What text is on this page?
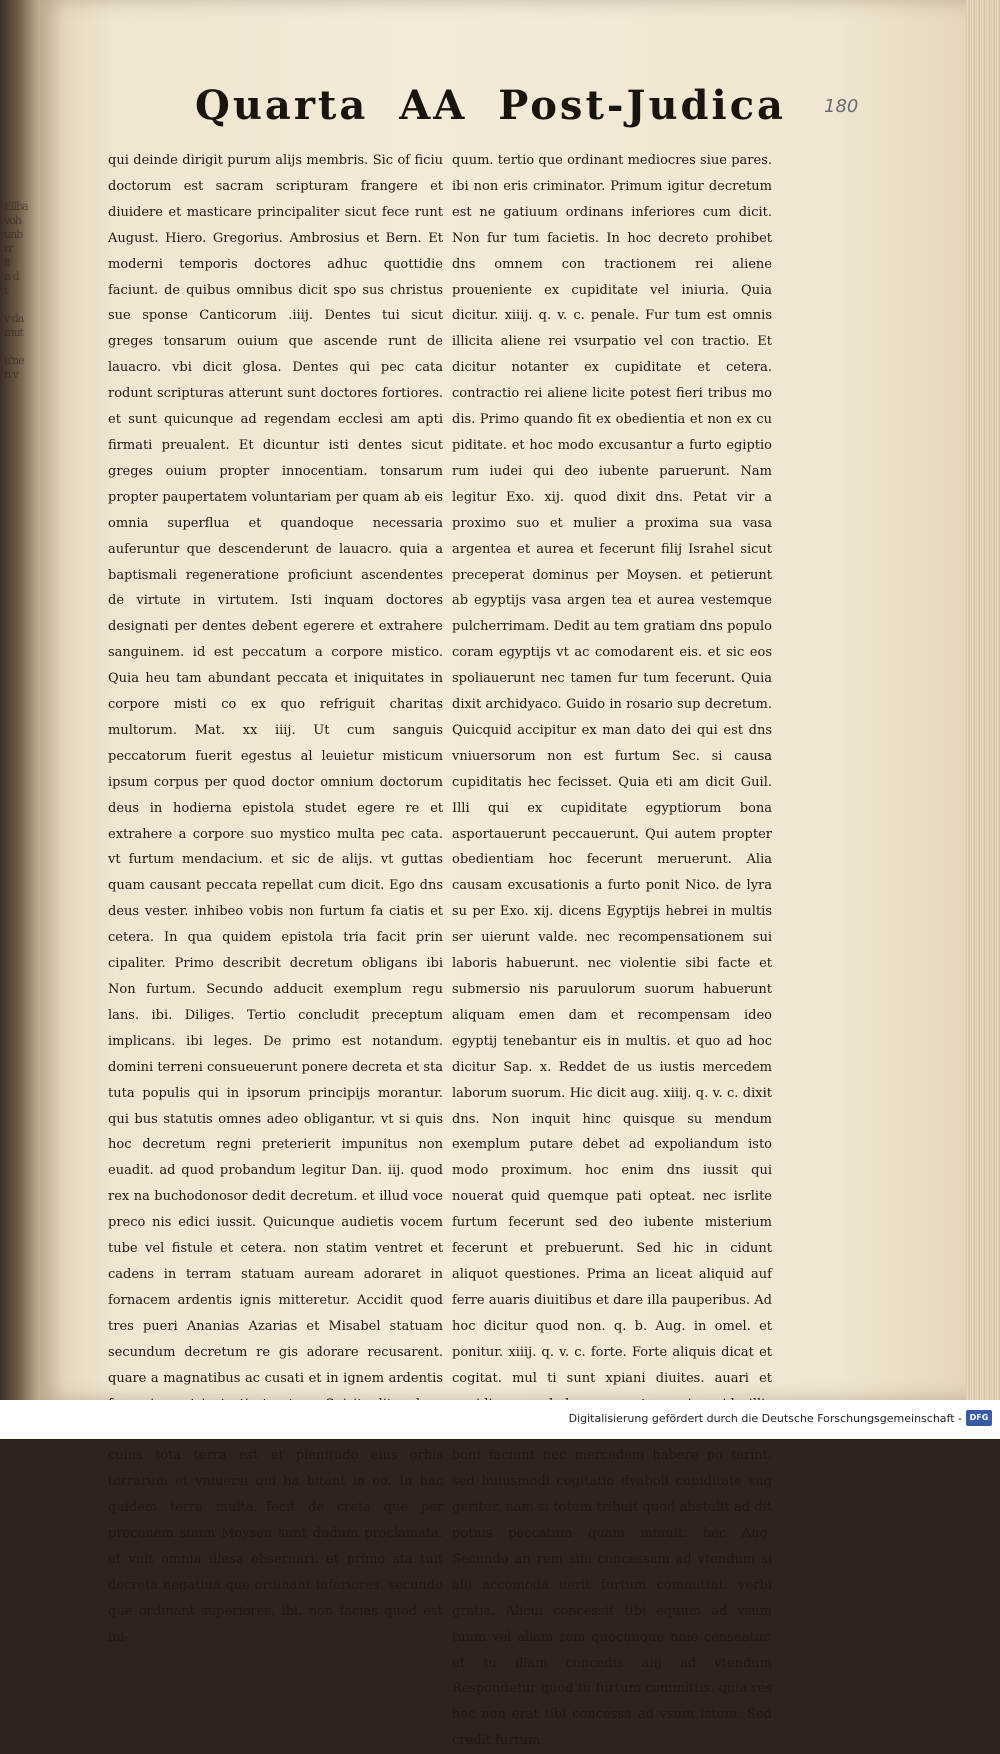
Eilba
voh
unb
rr
lt
n d
i.

v da
mut

u'ne
n v
Quarta AA Post-Judica 180

qui deinde dirigit purum alijs membris. Sic of ficiu doctorum est sacram scripturam frangere et diuidere et masticare principaliter sicut fece runt August. Hiero. Gregorius. Ambrosius et Bern. Et moderni temporis doctores adhuc quottidie faciunt. de quibus omnibus dicit spo sus christus sue sponse Canticorum .iiij. Dentes tui sicut greges tonsarum ouium que ascende runt de lauacro. vbi dicit glosa. Dentes qui pec cata rodunt scripturas atterunt sunt doctores fortiores. et sunt quicunque ad regendam ecclesi am apti firmati preualent. Et dicuntur isti dentes sicut greges ouium propter innocentiam. tonsarum propter paupertatem voluntariam per quam ab eis omnia superflua et quandoque necessaria auferuntur que descenderunt de lauacro. quia a baptismali regeneratione proficiunt ascendentes de virtute in virtutem. Isti inquam doctores designati per dentes debent egerere et extrahere sanguinem. id est peccatum a corpore mistico. Quia heu tam abundant peccata et iniquitates in corpore misti co ex quo refriguit charitas multorum. Mat. xx iiij. Ut cum sanguis peccatorum fuerit egestus al leuietur misticum ipsum corpus per quod doctor omnium doctorum deus in hodierna epistola studet egere re et extrahere a corpore suo mystico multa pec cata. vt furtum mendacium. et sic de alijs. vt guttas quam causant peccata repellat cum dicit. Ego dns deus vester. inhibeo vobis non furtum fa ciatis et cetera. In qua quidem epistola tria facit prin cipaliter. Primo describit decretum obligans ibi Non furtum. Secundo adducit exemplum regu lans. ibi. Diliges. Tertio concludit preceptum implicans. ibi leges. De primo est notandum. domini terreni consueuerunt ponere decreta et sta tuta populis qui in ipsorum principijs morantur. qui bus statutis omnes adeo obligantur. vt si quis hoc decretum regni preterierit impunitus non euadit. ad quod probandum legitur Dan. iij. quod rex na buchodonosor dedit decretum. et illud voce preco nis edici iussit. Quicunque audietis vocem tube vel fistule et cetera. non statim ventret et cadens in terram statuam auream adoraret in fornacem ardentis ignis mitteretur. Accidit quod tres pueri Ananias Azarias et Misabel statuam secundum decretum re gis adorare recusarent. quare a magnatibus ac cusati et in ignem ardentis cuius tota terra est et plenitudo eius orbis terrarum et vniuersi qui ha bitant in eo. In hac quidem terra multa fecit de creta que per preconem suum Moysen sunt dudum proclamata. et vult omnia illesa obseruari. et primo sta tuit decreta negatiua que ordinant inferiores. secundo que ordinant superiores. ibi. non facias quod est ini-

quum. tertio que ordinant mediocres siue pares. ibi non eris criminator. Primum igitur decretum est ne gatiuum ordinans inferiores cum dicit. Non fur tum facietis. In hoc decreto prohibet dns omnem con tractionem rei aliene proueniente ex cupiditate vel iniuria. Quia dicitur. xiiij. q. v. c. penale. Fur tum est omnis illicita aliene rei vsurpatio vel con tractio. Et dicitur notanter ex cupiditate et cetera. contractio rei aliene licite potest fieri tribus mo dis. Primo quando fit ex obedientia et non ex cu piditate. et hoc modo excusantur a furto egiptio rum iudei qui deo iubente paruerunt. Nam legitur Exo. xij. quod dixit dns. Petat vir a proximo suo et mulier a proxima sua vasa argentea et aurea et fecerunt filij Israhel sicut preceperat dominus per Moysen. et petierunt ab egyptijs vasa argen tea et aurea vestemque pulcherrimam. Dedit au tem gratiam dns populo coram egyptijs vt ac comodarent eis. et sic eos spoliauerunt nec tamen fur tum fecerunt. Quia dixit archidyaco. Guido in rosario sup decretum. Quicquid accipitur ex man dato dei qui est dns vniuersorum non est furtum Sec. si causa cupiditatis hec fecisset. Quia eti am dicit Guil. Illi qui ex cupiditate egyptiorum bona asportauerunt peccauerunt. Qui autem propter obedientiam hoc fecerunt meruerunt. Alia causam excusationis a furto ponit Nico. de lyra su per Exo. xij. dicens Egyptijs hebrei in multis ser uierunt valde. nec recompensationem sui laboris habuerunt. nec violentie sibi facte et submersio nis paruulorum suorum habuerunt aliquam emen dam et recompensam ideo egyptij tenebantur eis in multis. et quo ad hoc dicitur Sap. x. Reddet de us iustis mercedem laborum suorum. Hic dicit aug. xiiij. q. v. c. dixit dns. Non inquit hinc quisque su mendum exemplum putare debet ad expoliandum isto modo proximum. hoc enim dns iussit qui nouerat quid quemque pati opteat. nec isrlite furtum fecerunt sed deo iubente misterium fecerunt et prebuerunt. Sed hic in cidunt aliquot questiones. Prima an liceat aliquid auf ferre auaris diuitibus et dare illa pauperibus. Ad hoc dicitur quod non. q. b. Aug. in omel. et ponitur. xiiij. q. v. c. forte. Forte aliquis dicat et cogitat. mul ti sunt xpiani diuites. auari et boni faciunt nec mercedem habere po terint. sed huiusmodi cogitatio dyaboli cupiditate sug geritur. nam si totum tribuit quod abstulit ad dit potius peccatum quam minuit. hec Aug. Secundo an rem sibi concessam ad vtendum si alij accomoda uerit furtum committat. verbi gratia. Alicui concessit tibi equum ad vsum tuum vel aliam rem quocunque noie censeatur. et tu illam concedis alij ad vtendum Respondetur quod tu furtum committis. quia res hec non erat tibi concessa ad vsum istum. Sed credit furtum

Digitalisierung gefördert durch die Deutsche Forschungsgemeinschaft - DFG
